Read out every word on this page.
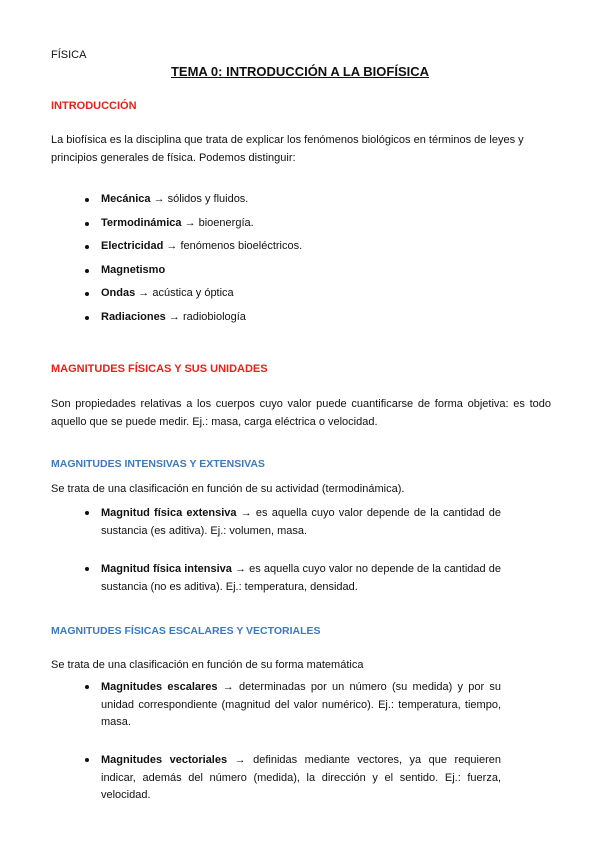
FÍSICA
TEMA 0: INTRODUCCIÓN A LA BIOFÍSICA
INTRODUCCIÓN
La biofísica es la disciplina que trata de explicar los fenómenos biológicos en términos de leyes y principios generales de física. Podemos distinguir:
Mecánica → sólidos y fluidos.
Termodinámica → bioenergía.
Electricidad → fenómenos bioeléctricos.
Magnetismo
Ondas → acústica y óptica
Radiaciones → radiobiología
MAGNITUDES FÍSICAS Y SUS UNIDADES
Son propiedades relativas a los cuerpos cuyo valor puede cuantificarse de forma objetiva: es todo aquello que se puede medir. Ej.: masa, carga eléctrica o velocidad.
MAGNITUDES INTENSIVAS Y EXTENSIVAS
Se trata de una clasificación en función de su actividad (termodinámica).
Magnitud física extensiva → es aquella cuyo valor depende de la cantidad de sustancia (es aditiva). Ej.: volumen, masa.
Magnitud física intensiva → es aquella cuyo valor no depende de la cantidad de sustancia (no es aditiva). Ej.: temperatura, densidad.
MAGNITUDES FÍSICAS ESCALARES Y VECTORIALES
Se trata de una clasificación en función de su forma matemática
Magnitudes escalares → determinadas por un número (su medida) y por su unidad correspondiente (magnitud del valor numérico). Ej.: temperatura, tiempo, masa.
Magnitudes vectoriales → definidas mediante vectores, ya que requieren indicar, además del número (medida), la dirección y el sentido. Ej.: fuerza, velocidad.
